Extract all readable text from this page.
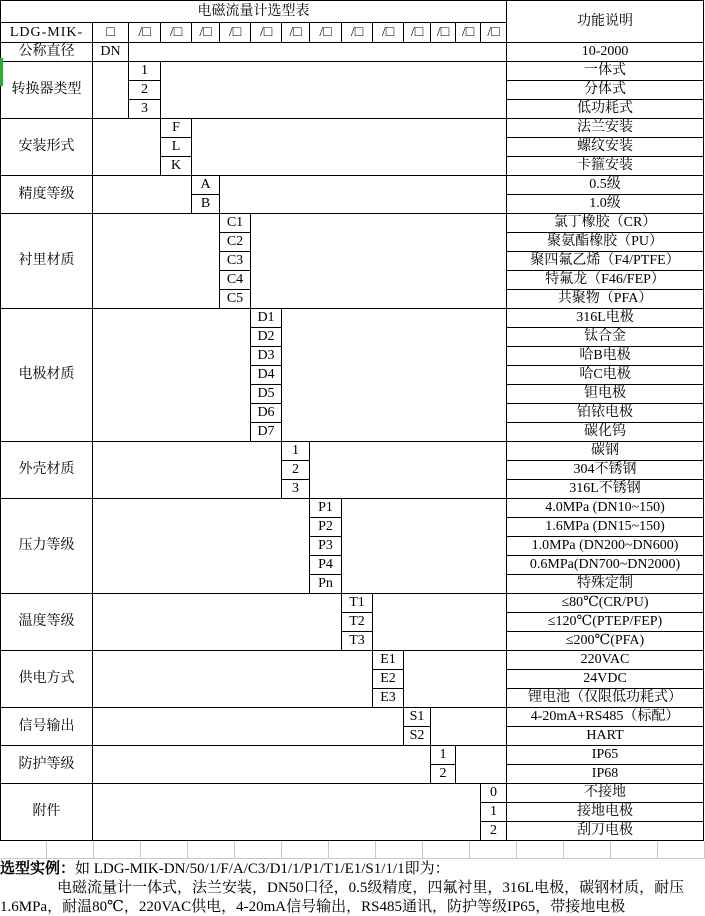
电磁流量计选型表															功能说明
LDG-MIK-	□	/□	/□	/□	/□	/□	/□	/□	/□	/□	/□	/□	/□	/□	
公称直径	DN														10-2000
转换器类型		1													一体式
		2													分体式
		3													低功耗式
安装形式			F												法兰安装
			L												螺纹安装
			K												卡箍安装
精度等级				A											0.5级
				B											1.0级
衬里材质					C1										氯丁橡胶（CR）
					C2										聚氨酯橡胶（PU）
					C3										聚四氟乙烯（F4/PTFE）
					C4										特氟龙（F46/FEP）
					C5										共聚物（PFA）
电极材质						D1									316L电极
						D2									钛合金
						D3									哈B电极
						D4									哈C电极
						D5									钽电极
						D6									铂铱电极
						D7									碳化钨
外壳材质							1								碳钢
							2								304不锈钢
							3								316L不锈钢
压力等级								P1							4.0MPa (DN10~150)
								P2							1.6MPa (DN15~150)
								P3							1.0MPa (DN200~DN600)
								P4							0.6MPa(DN700~DN2000)
								Pn							特殊定制
温度等级									T1						≤80℃(CR/PU)
									T2						≤120℃(PTEP/FEP)
									T3						≤200℃(PFA)
供电方式										E1					220VAC
										E2					24VDC
										E3					锂电池（仅限低功耗式）
信号输出											S1				4-20mA+RS485（标配）
											S2				HART
防护等级												1			IP65
												2			IP68
附件														0	不接地
														1	接地电极
														2	刮刀电极
选型实例：如 LDG-MIK-DN/50/1/F/A/C3/D1/1/P1/T1/E1/S1/1/1即为：
电磁流量计一体式，法兰安装，DN50口径，0.5级精度，四氟衬里，316L电极，碳钢材质，耐压
1.6MPa，耐温80℃，220VAC供电，4-20mA信号输出，RS485通讯，防护等级IP65，带接地电极
